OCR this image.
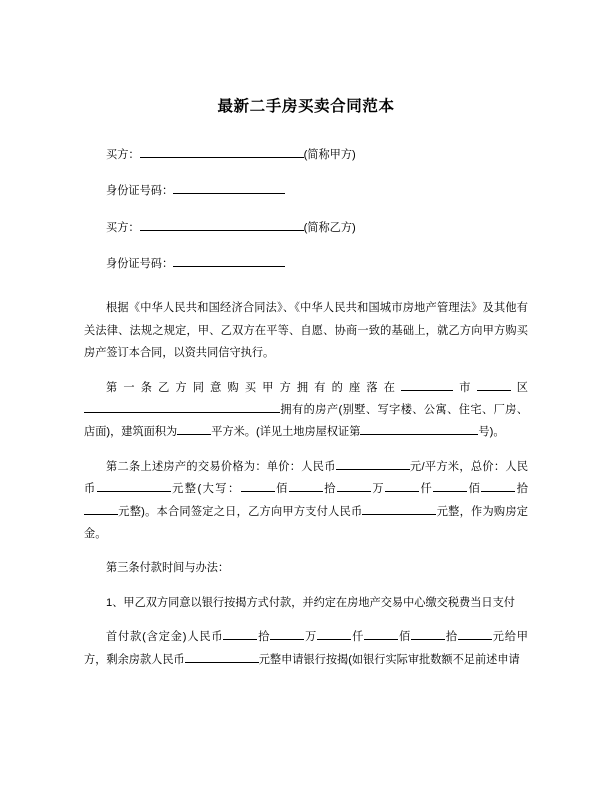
最新二手房买卖合同范本
买方：	(简称甲方)
身份证号码：
买方：	(简称乙方)
身份证号码：

根据《中华人民共和国经济合同法》、《中华人民共和国城市房地产管理法》及其他有关法律、法规之规定，甲、乙双方在平等、自愿、协商一致的基础上，就乙方向甲方购买房产签订本合同，以资共同信守执行。

第一条乙方同意购买甲方拥有的座落在	市	区拥有的房产(别墅、写字楼、公寓、住宅、厂房、店面)，建筑面积为	平方米。(详见土地房屋权证第	号)。

第二条上述房产的交易价格为：单价：人民币	元/平方米，总价：人民币	元整(大写：	佰	拾	万	仟	佰	拾元整)。本合同签定之日，乙方向甲方支付人民币	元整，作为购房定金。

第三条付款时间与办法：

1、甲乙双方同意以银行按揭方式付款，并约定在房地产交易中心缴交税费当日支付

首付款(含定金)人民币	拾	万	仟	佰	拾	元给甲方，剩余房款人民币	元整申请银行按揭(如银行实际审批数额不足前述申请
